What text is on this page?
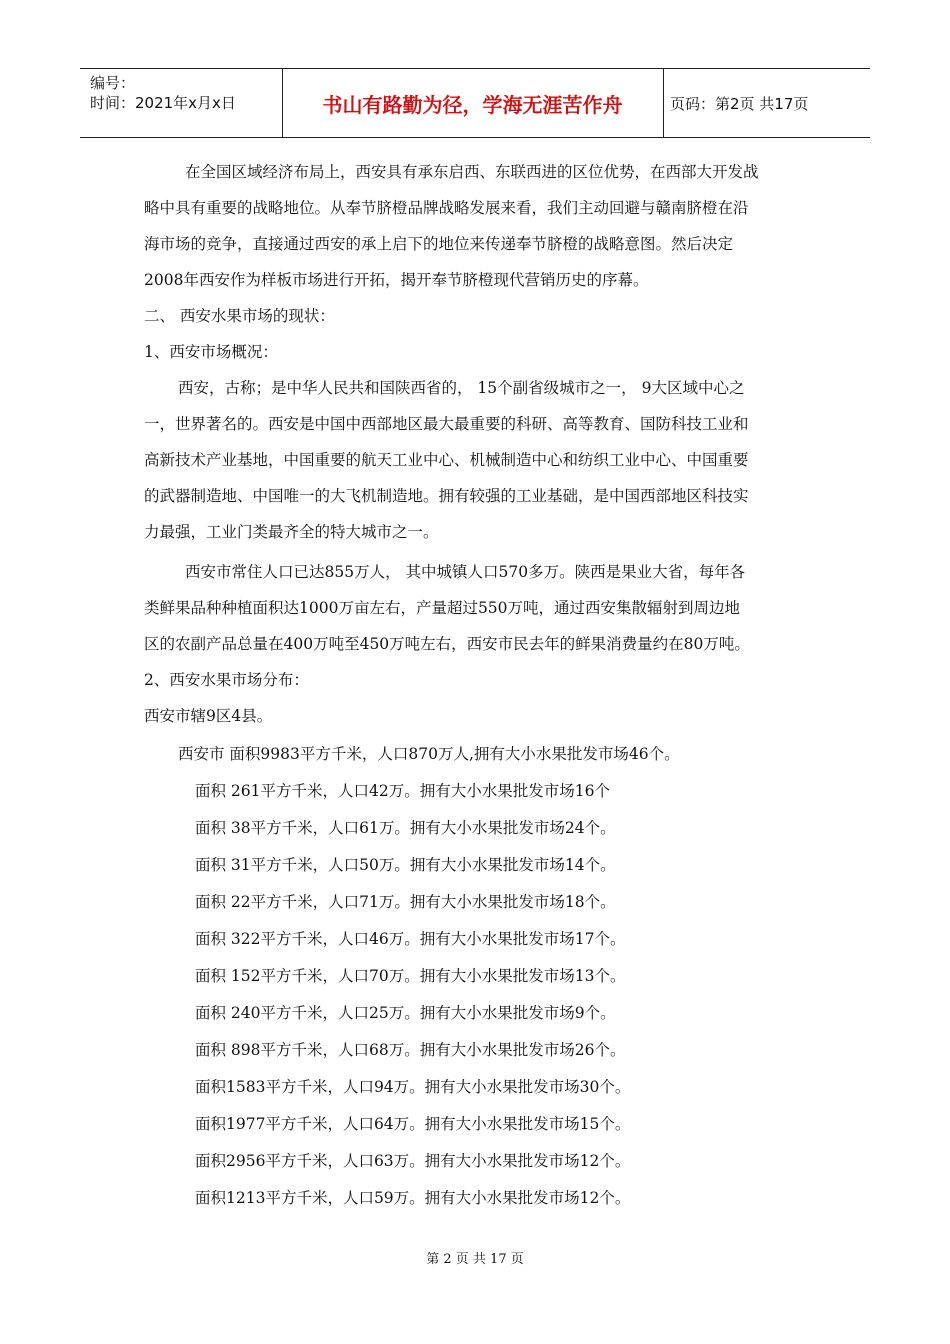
编号：
时间：2021年x月x日	书山有路勤为径，学海无涯苦作舟	页码：第2页 共17页
在全国区域经济布局上，西安具有承东启西、东联西进的区位优势，在西部大开发战
略中具有重要的战略地位。从奉节脐橙品牌战略发展来看，我们主动回避与赣南脐橙在沿
海市场的竞争，直接通过西安的承上启下的地位来传递奉节脐橙的战略意图。然后决定
2008年西安作为样板市场进行开拓，揭开奉节脐橙现代营销历史的序幕。
二、 西安水果市场的现状：
1、西安市场概况：
西安，古称；是中华人民共和国陕西省的， 15个副省级城市之一， 9大区域中心之
一，世界著名的。西安是中国中西部地区最大最重要的科研、高等教育、国防科技工业和
高新技术产业基地，中国重要的航天工业中心、机械制造中心和纺织工业中心、中国重要
的武器制造地、中国唯一的大飞机制造地。拥有较强的工业基础，是中国西部地区科技实
力最强，工业门类最齐全的特大城市之一。
西安市常住人口已达855万人， 其中城镇人口570多万。陕西是果业大省，每年各
类鲜果品种种植面积达1000万亩左右，产量超过550万吨，通过西安集散辐射到周边地
区的农副产品总量在400万吨至450万吨左右，西安市民去年的鲜果消费量约在80万吨。
2、西安水果市场分布：
西安市辖9区4县。
西安市 面积9983平方千米，人口870万人,拥有大小水果批发市场46个。
面积 261平方千米，人口42万。拥有大小水果批发市场16个
面积 38平方千米，人口61万。拥有大小水果批发市场24个。
面积 31平方千米，人口50万。拥有大小水果批发市场14个。
面积 22平方千米，人口71万。拥有大小水果批发市场18个。
面积 322平方千米，人口46万。拥有大小水果批发市场17个。
面积 152平方千米，人口70万。拥有大小水果批发市场13个。
面积 240平方千米，人口25万。拥有大小水果批发市场9个。
面积 898平方千米，人口68万。拥有大小水果批发市场26个。
面积1583平方千米，人口94万。拥有大小水果批发市场30个。
面积1977平方千米，人口64万。拥有大小水果批发市场15个。
面积2956平方千米，人口63万。拥有大小水果批发市场12个。
面积1213平方千米，人口59万。拥有大小水果批发市场12个。
第 2 页 共 17 页
